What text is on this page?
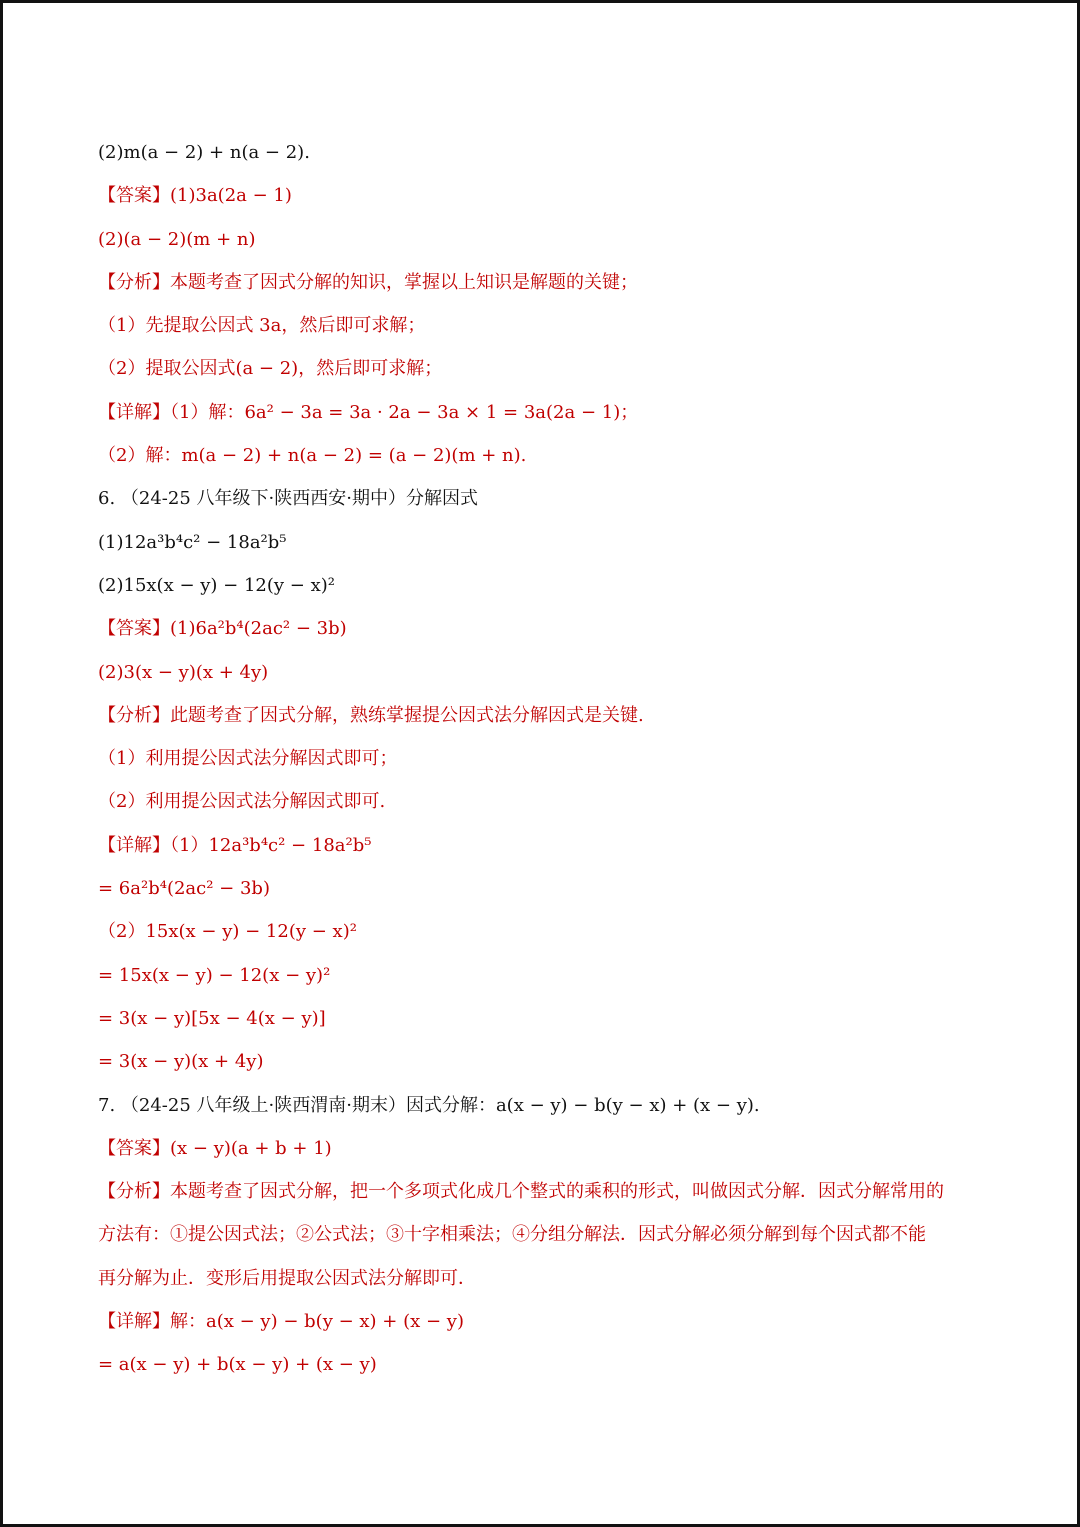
(2)m(a − 2) + n(a − 2).
【答案】(1)3a(2a − 1)
(2)(a − 2)(m + n)
【分析】本题考查了因式分解的知识，掌握以上知识是解题的关键；
（1）先提取公因式 3a，然后即可求解；
（2）提取公因式(a − 2)，然后即可求解；
【详解】（1）解：6a² − 3a = 3a · 2a − 3a × 1 = 3a(2a − 1)；
（2）解：m(a − 2) + n(a − 2) = (a − 2)(m + n).
6. （24-25 八年级下·陕西西安·期中）分解因式
(1)12a³b⁴c² − 18a²b⁵
(2)15x(x − y) − 12(y − x)²
【答案】(1)6a²b⁴(2ac² − 3b)
(2)3(x − y)(x + 4y)
【分析】此题考查了因式分解，熟练掌握提公因式法分解因式是关键.
（1）利用提公因式法分解因式即可；
（2）利用提公因式法分解因式即可.
【详解】（1）12a³b⁴c² − 18a²b⁵
= 6a²b⁴(2ac² − 3b)
（2）15x(x − y) − 12(y − x)²
= 15x(x − y) − 12(x − y)²
= 3(x − y)[5x − 4(x − y)]
= 3(x − y)(x + 4y)
7. （24-25 八年级上·陕西渭南·期末）因式分解：a(x − y) − b(y − x) + (x − y).
【答案】(x − y)(a + b + 1)
【分析】本题考查了因式分解，把一个多项式化成几个整式的乘积的形式，叫做因式分解．因式分解常用的
方法有：①提公因式法；②公式法；③十字相乘法；④分组分解法．因式分解必须分解到每个因式都不能
再分解为止．变形后用提取公因式法分解即可．
【详解】解：a(x − y) − b(y − x) + (x − y)
= a(x − y) + b(x − y) + (x − y)
